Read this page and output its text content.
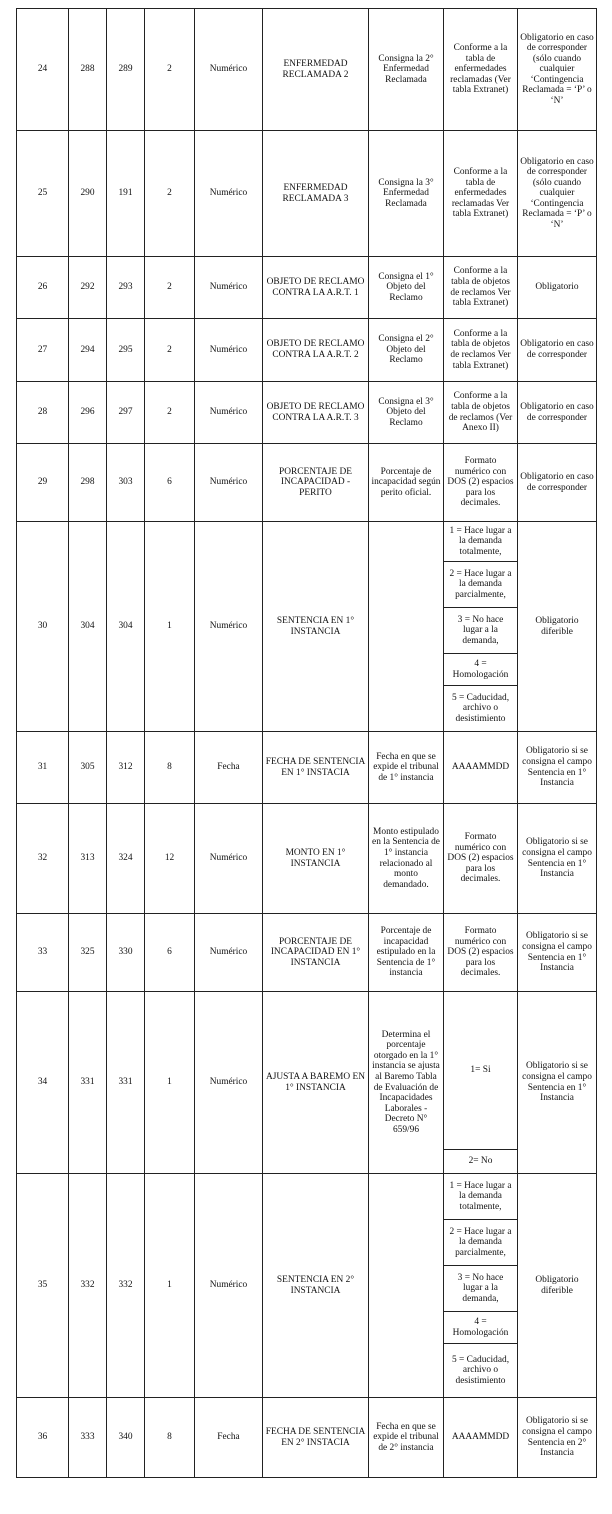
24	288	289	2	Numérico	ENFERMEDAD RECLAMADA 2	Consigna la 2° Enfermedad Reclamada	Conforme a la tabla de enfermedades reclamadas (Ver tabla Extranet)	Obligatorio en caso de corresponder (sólo cuando cualquier ‘Contingencia Reclamada = ‘P’ o ‘N’
25	290	191	2	Numérico	ENFERMEDAD RECLAMADA 3	Consigna la 3° Enfermedad Reclamada	Conforme a la tabla de enfermedades reclamadas Ver tabla Extranet)	Obligatorio en caso de corresponder (sólo cuando cualquier ‘Contingencia Reclamada = ‘P’ o ‘N’
26	292	293	2	Numérico	OBJETO DE RECLAMO CONTRA LA A.R.T. 1	Consigna el 1° Objeto del Reclamo	Conforme a la tabla de objetos de reclamos Ver tabla Extranet)	Obligatorio
27	294	295	2	Numérico	OBJETO DE RECLAMO CONTRA LA A.R.T. 2	Consigna el 2° Objeto del Reclamo	Conforme a la tabla de objetos de reclamos Ver tabla Extranet)	Obligatorio en caso de corresponder
28	296	297	2	Numérico	OBJETO DE RECLAMO CONTRA LA A.R.T. 3	Consigna el 3° Objeto del Reclamo	Conforme a la tabla de objetos de reclamos (Ver Anexo II)	Obligatorio en caso de corresponder
29	298	303	6	Numérico	PORCENTAJE DE INCAPACIDAD - PERITO	Porcentaje de incapacidad según perito oficial.	Formato numérico con DOS (2) espacios para los decimales.	Obligatorio en caso de corresponder
30	304	304	1	Numérico	SENTENCIA EN 1° INSTANCIA		1 = Hace lugar a la demanda totalmente,	Obligatorio diferible
							2 = Hace lugar a la demanda parcialmente,	
							3 = No hace lugar a la demanda,	
							4 = Homologación	
							5 = Caducidad, archivo o desistimiento	
31	305	312	8	Fecha	FECHA DE SENTENCIA EN 1° INSTACIA	Fecha en que se expide el tribunal de 1° instancia	AAAAMMDD	Obligatorio si se consigna el campo Sentencia en 1° Instancia
32	313	324	12	Numérico	MONTO EN 1° INSTANCIA	Monto estipulado en la Sentencia de 1° instancia relacionado al monto demandado.	Formato numérico con DOS (2) espacios para los decimales.	Obligatorio si se consigna el campo Sentencia en 1° Instancia
33	325	330	6	Numérico	PORCENTAJE DE INCAPACIDAD EN 1° INSTANCIA	Porcentaje de incapacidad estipulado en la Sentencia de 1° instancia	Formato numérico con DOS (2) espacios para los decimales.	Obligatorio si se consigna el campo Sentencia en 1° Instancia
34	331	331	1	Numérico	AJUSTA A BAREMO EN 1° INSTANCIA	Determina el porcentaje otorgado en la 1° instancia se ajusta al Baremo Tabla de Evaluación de Incapacidades Laborales - Decreto N° 659/96	1= Si	Obligatorio si se consigna el campo Sentencia en 1° Instancia
							2= No	
35	332	332	1	Numérico	SENTENCIA EN 2° INSTANCIA		1 = Hace lugar a la demanda totalmente,	Obligatorio diferible
							2 = Hace lugar a la demanda parcialmente,	
							3 = No hace lugar a la demanda,	
							4 = Homologación	
							5 = Caducidad, archivo o desistimiento	
36	333	340	8	Fecha	FECHA DE SENTENCIA EN 2° INSTACIA	Fecha en que se expide el tribunal de 2° instancia	AAAAMMDD	Obligatorio si se consigna el campo Sentencia en 2° Instancia
